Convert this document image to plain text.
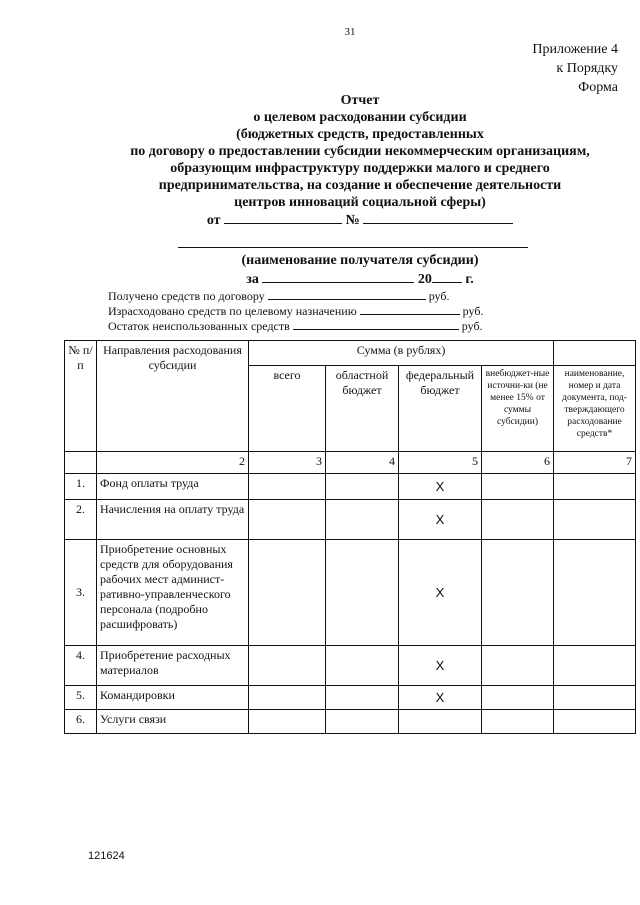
31
Приложение 4
к Порядку
Форма
Отчет
о целевом расходовании субсидии
(бюджетных средств, предоставленных
по договору о предоставлении субсидии некоммерческим организациям,
образующим инфраструктуру поддержки малого и среднего
предпринимательства, на создание и обеспечение деятельности
центров инноваций социальной сферы)
от	№
(наименование получателя субсидии)
за	20 г.
Получено средств по договору	руб.
Израсходовано средств по целевому назначению	руб.
Остаток неиспользованных средств	руб.
№ п/п	Направления расходования субсидии	Сумма (в рублях)				
		всего	областной бюджет	федеральный бюджет	внебюджет-ные источни-ки (не менее 15% от суммы субсидии)	наименование, номер и дата документа, под-тверждающего расходование средств*
	2	3	4	5	6	7
1.	Фонд оплаты труда			X		
2.	Начисления на оплату труда			X		
3.	Приобретение основных средств для оборудования рабочих мест админист-ративно-управленческого персонала (подробно расшифровать)			X		
4.	Приобретение расходных материалов			X		
5.	Командировки			X		
6.	Услуги связи					
121624
